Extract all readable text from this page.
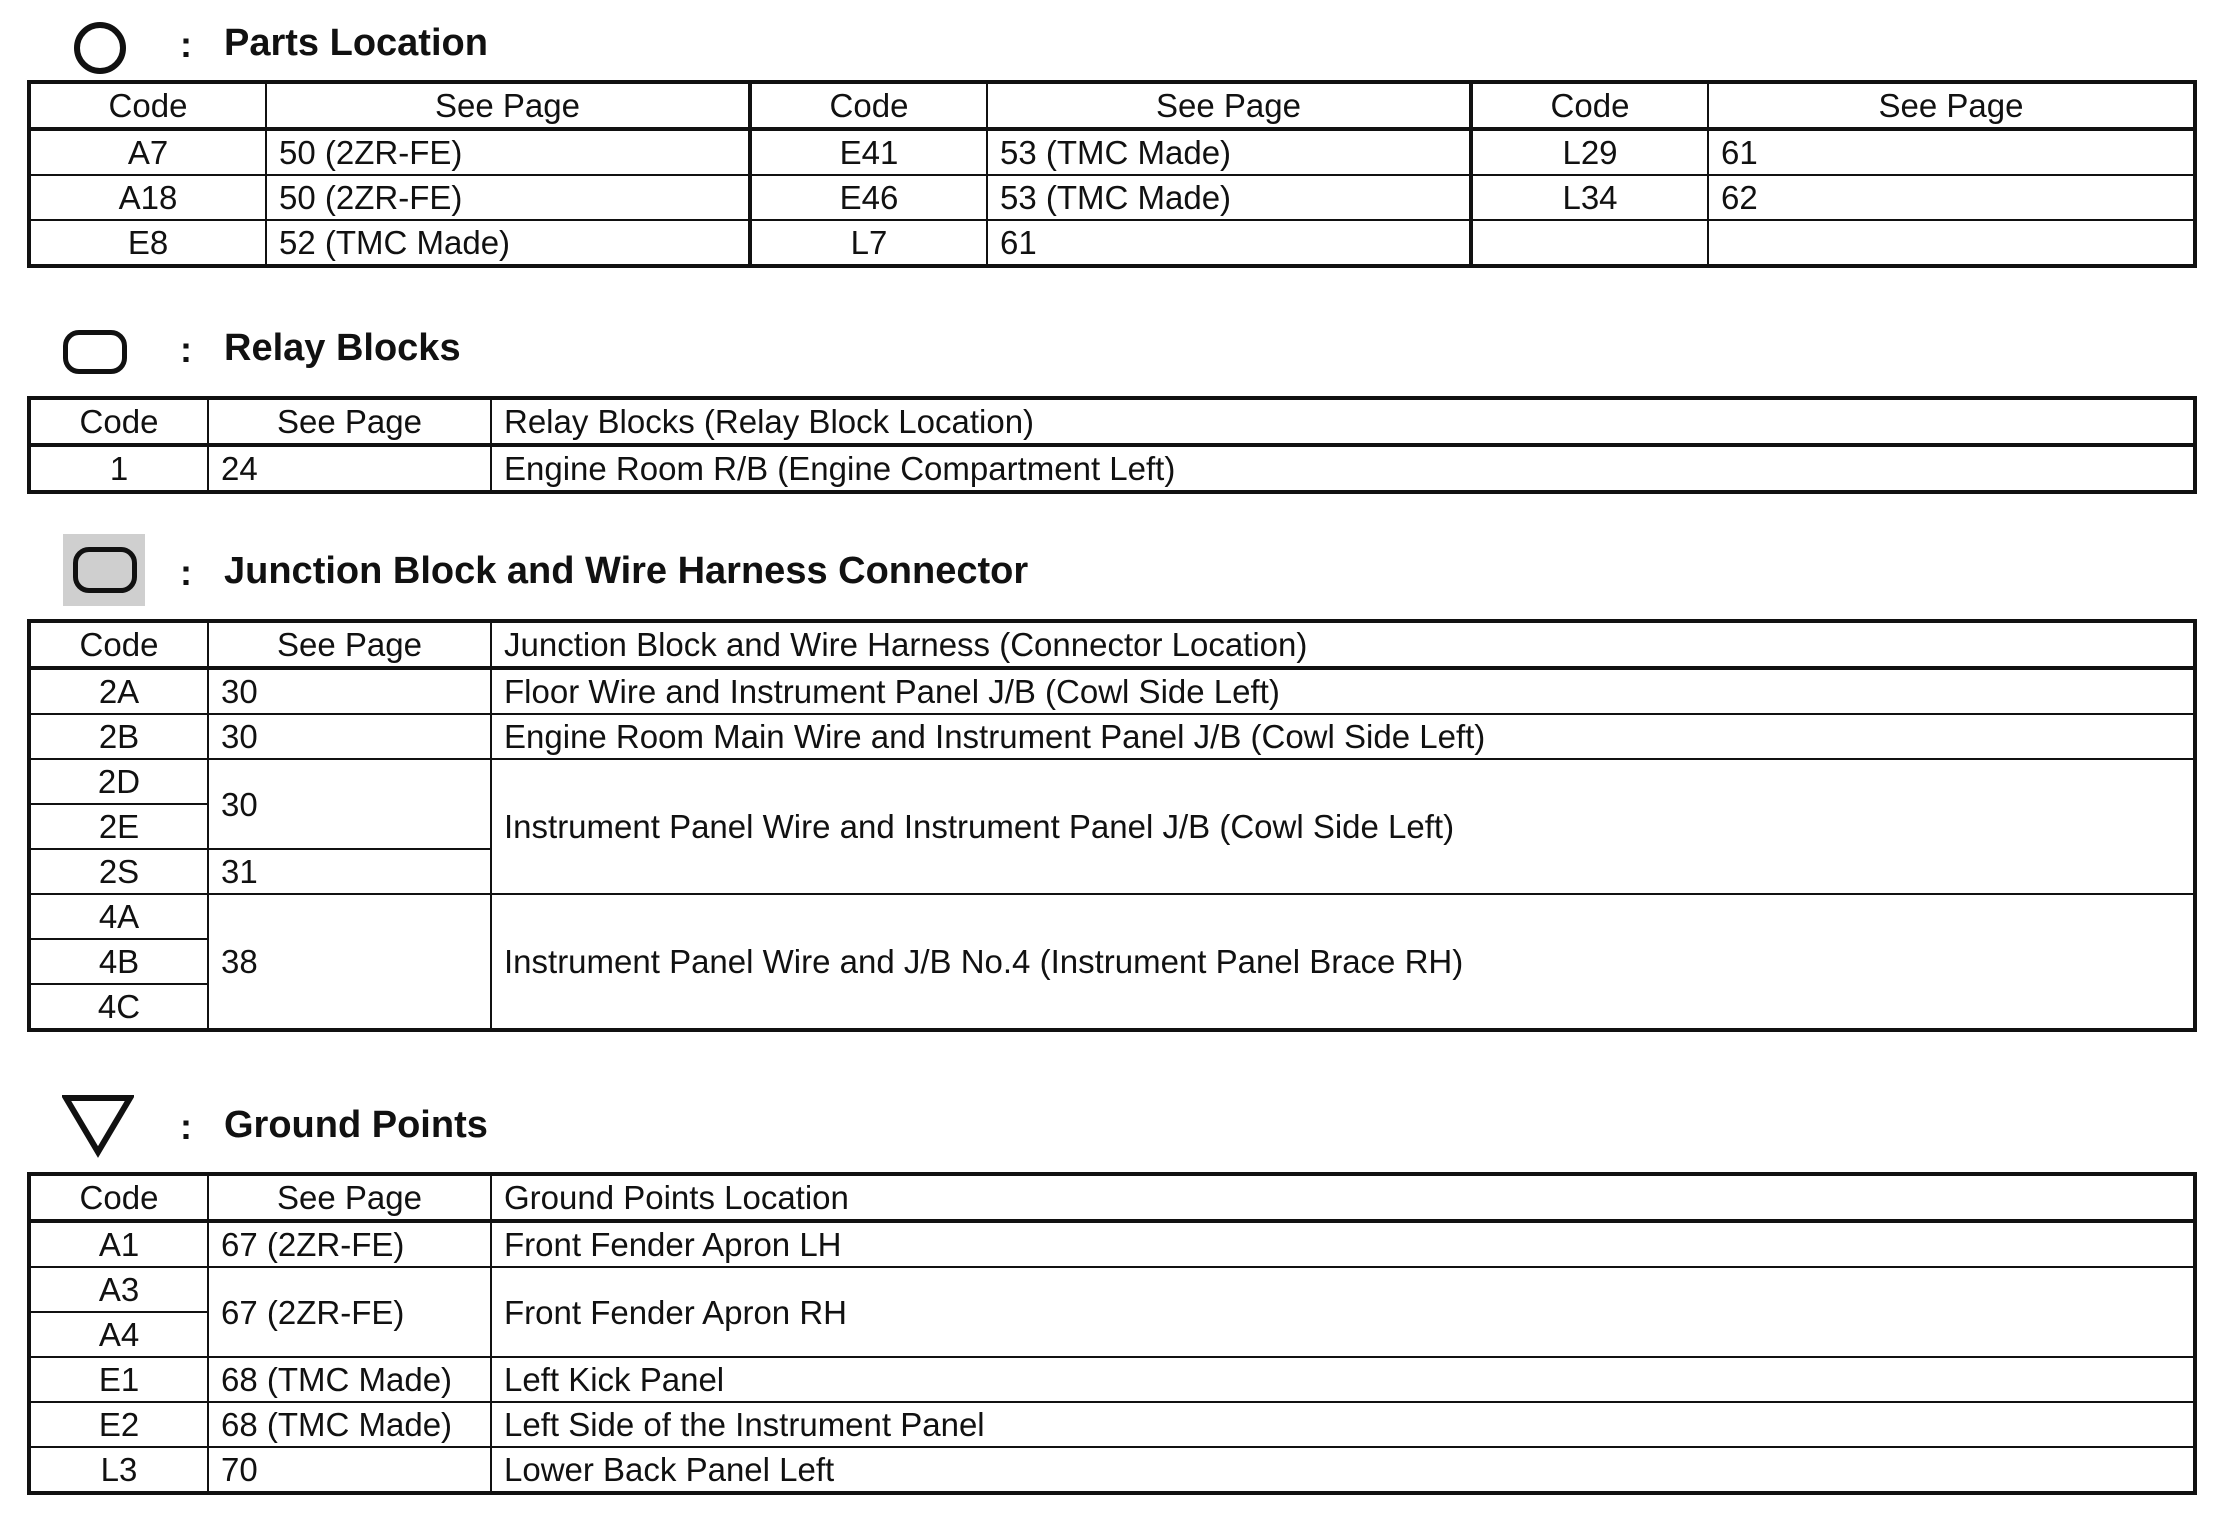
: Parts Location
Code	See Page	Code	See Page	Code	See Page
A7	50 (2ZR-FE)	E41	53 (TMC Made)	L29	61
A18	50 (2ZR-FE)	E46	53 (TMC Made)	L34	62
E8	52 (TMC Made)	L7	61		
: Relay Blocks
Code	See Page	Relay Blocks (Relay Block Location)
1	24	Engine Room R/B (Engine Compartment Left)
: Junction Block and Wire Harness Connector
Code	See Page	Junction Block and Wire Harness (Connector Location)
2A	30	Floor Wire and Instrument Panel J/B (Cowl Side Left)
2B	30	Engine Room Main Wire and Instrument Panel J/B (Cowl Side Left)
2D	30	Instrument Panel Wire and Instrument Panel J/B (Cowl Side Left)
2E		
2S	31	
4A	38	Instrument Panel Wire and J/B No.4 (Instrument Panel Brace RH)
4B		
4C		
: Ground Points
Code	See Page	Ground Points Location
A1	67 (2ZR-FE)	Front Fender Apron LH
A3	67 (2ZR-FE)	Front Fender Apron RH
A4		
E1	68 (TMC Made)	Left Kick Panel
E2	68 (TMC Made)	Left Side of the Instrument Panel
L3	70	Lower Back Panel Left
